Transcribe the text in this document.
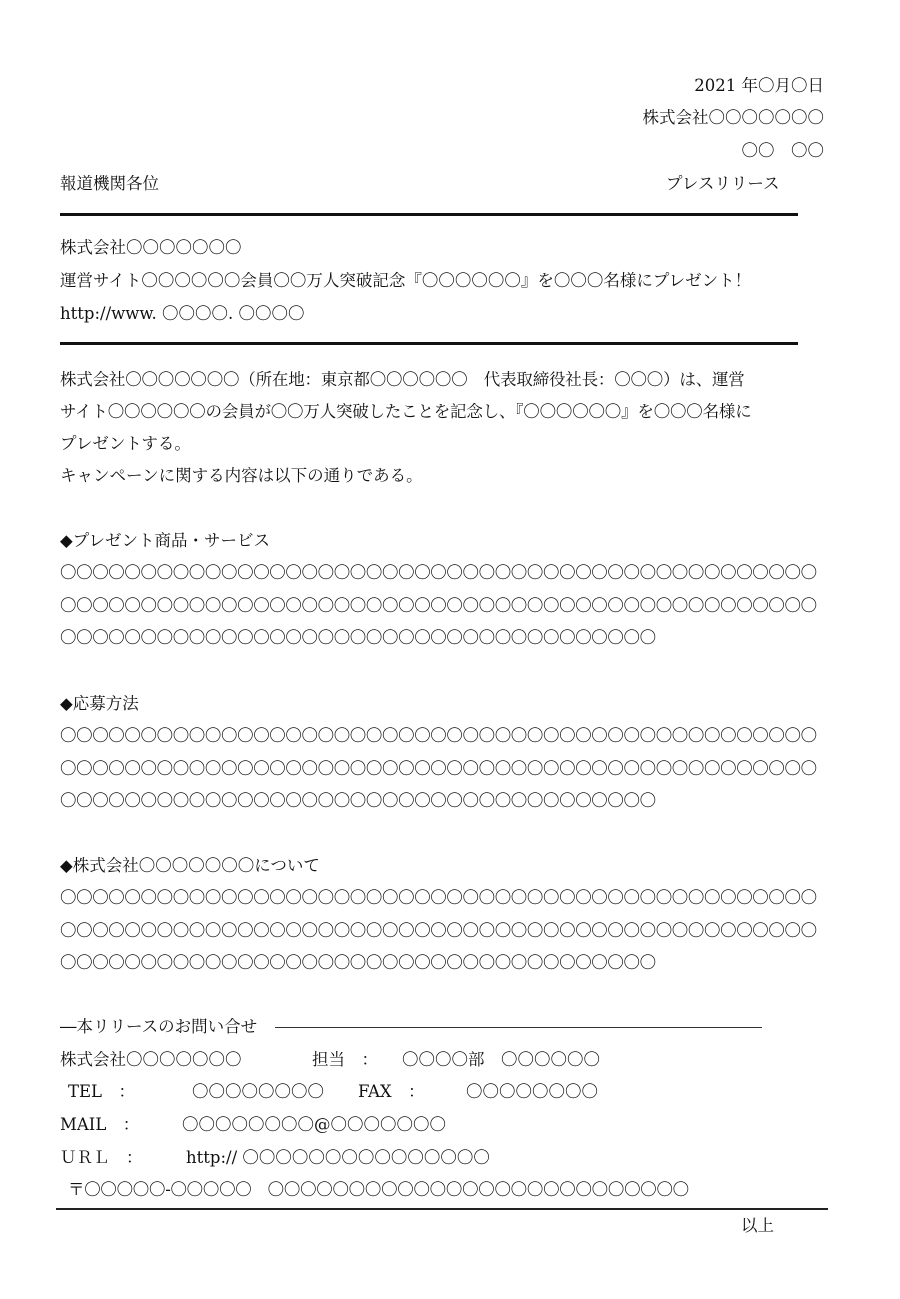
2021 年〇月〇日
株式会社〇〇〇〇〇〇〇
〇〇　〇〇
報道機関各位	プレスリリース
株式会社〇〇〇〇〇〇〇
運営サイト〇〇〇〇〇〇会員〇〇万人突破記念『〇〇〇〇〇〇』を〇〇〇名様にプレゼント！
http://www. 〇〇〇〇. 〇〇〇〇
株式会社〇〇〇〇〇〇〇（所在地：東京都〇〇〇〇〇〇　代表取締役社長：〇〇〇）は、運営
サイト〇〇〇〇〇〇の会員が〇〇万人突破したことを記念し、『〇〇〇〇〇〇』を〇〇〇名様に
プレゼントする。
キャンペーンに関する内容は以下の通りである。
◆プレゼント商品・サービス
〇〇〇〇〇〇〇〇〇〇〇〇〇〇〇〇〇〇〇〇〇〇〇〇〇〇〇〇〇〇〇〇〇〇〇〇〇〇〇〇〇〇〇〇〇〇〇
〇〇〇〇〇〇〇〇〇〇〇〇〇〇〇〇〇〇〇〇〇〇〇〇〇〇〇〇〇〇〇〇〇〇〇〇〇〇〇〇〇〇〇〇〇〇〇
〇〇〇〇〇〇〇〇〇〇〇〇〇〇〇〇〇〇〇〇〇〇〇〇〇〇〇〇〇〇〇〇〇〇〇〇〇
◆応募方法
〇〇〇〇〇〇〇〇〇〇〇〇〇〇〇〇〇〇〇〇〇〇〇〇〇〇〇〇〇〇〇〇〇〇〇〇〇〇〇〇〇〇〇〇〇〇〇
〇〇〇〇〇〇〇〇〇〇〇〇〇〇〇〇〇〇〇〇〇〇〇〇〇〇〇〇〇〇〇〇〇〇〇〇〇〇〇〇〇〇〇〇〇〇〇
〇〇〇〇〇〇〇〇〇〇〇〇〇〇〇〇〇〇〇〇〇〇〇〇〇〇〇〇〇〇〇〇〇〇〇〇〇
◆株式会社〇〇〇〇〇〇〇について
〇〇〇〇〇〇〇〇〇〇〇〇〇〇〇〇〇〇〇〇〇〇〇〇〇〇〇〇〇〇〇〇〇〇〇〇〇〇〇〇〇〇〇〇〇〇〇
〇〇〇〇〇〇〇〇〇〇〇〇〇〇〇〇〇〇〇〇〇〇〇〇〇〇〇〇〇〇〇〇〇〇〇〇〇〇〇〇〇〇〇〇〇〇〇
〇〇〇〇〇〇〇〇〇〇〇〇〇〇〇〇〇〇〇〇〇〇〇〇〇〇〇〇〇〇〇〇〇〇〇〇〇
―本リリースのお問い合せ
株式会社〇〇〇〇〇〇〇	担当　： 〇〇〇〇部　〇〇〇〇〇〇
TEL　：	〇〇〇〇〇〇〇〇 FAX　：	〇〇〇〇〇〇〇〇
MAIL　：	〇〇〇〇〇〇〇〇@〇〇〇〇〇〇〇
ＵＲＬ　：	http:// 〇〇〇〇〇〇〇〇〇〇〇〇〇〇〇
〒〇〇〇〇〇-〇〇〇〇〇　〇〇〇〇〇〇〇〇〇〇〇〇〇〇〇〇〇〇〇〇〇〇〇〇〇〇
以上
